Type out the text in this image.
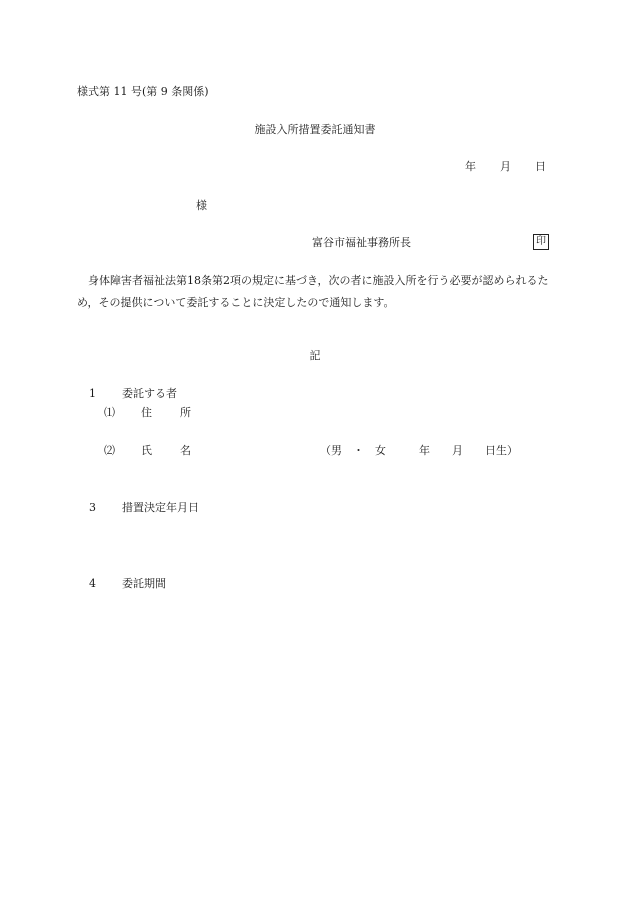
様式第 11 号(第 9 条関係)
施設入所措置委託通知書
年 月 日
様
富谷市福祉事務所長	印
身体障害者福祉法第18条第2項の規定に基づき，次の者に施設入所を行う必要が認められるため，その提供について委託することに決定したので通知します。
記
1 委託する者
⑴ 住	所
⑵ 氏	名	（男　・　女　　　年　　月　　日生）
3 措置決定年月日
4 委託期間
